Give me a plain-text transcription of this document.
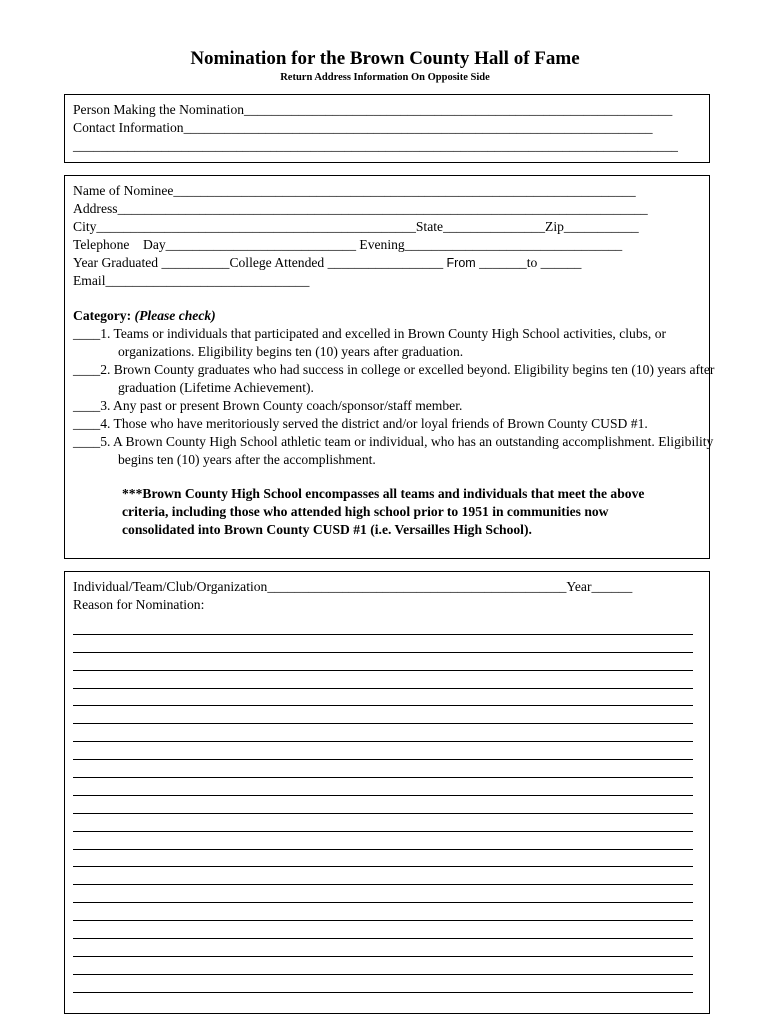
Nomination for the Brown County Hall of Fame
Return Address Information On Opposite Side
Person Making the Nomination_______________________________________________________________
Contact Information_____________________________________________________________________
_________________________________________________________________________________________
Name of Nominee____________________________________________________________________
Address______________________________________________________________________________
City_______________________________________________State_______________Zip___________
Telephone Day____________________________ Evening________________________________
Year Graduated __________College Attended _________________ From _______to ______
Email______________________________
Category: (Please check)
____1. Teams or individuals that participated and excelled in Brown County High School activities, clubs, or organizations. Eligibility begins ten (10) years after graduation.
____2. Brown County graduates who had success in college or excelled beyond. Eligibility begins ten (10) years after graduation (Lifetime Achievement).
____3. Any past or present Brown County coach/sponsor/staff member.
____4. Those who have meritoriously served the district and/or loyal friends of Brown County CUSD #1.
____5. A Brown County High School athletic team or individual, who has an outstanding accomplishment. Eligibility begins ten (10) years after the accomplishment.
***Brown County High School encompasses all teams and individuals that meet the above criteria, including those who attended high school prior to 1951 in communities now consolidated into Brown County CUSD #1 (i.e. Versailles High School).
Individual/Team/Club/Organization____________________________________________Year______
Reason for Nomination:
